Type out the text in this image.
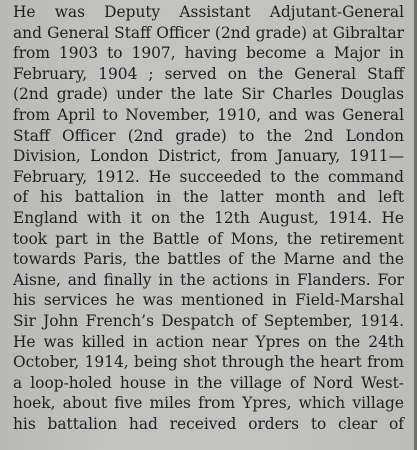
He was Deputy Assistant Adjutant-General
and General Staff Officer (2nd grade) at Gibraltar
from 1903 to 1907, having become a Major in
February, 1904 ; served on the General Staff
(2nd grade) under the late Sir Charles Douglas
from April to November, 1910, and was General
Staff Officer (2nd grade) to the 2nd London
Division, London District, from January, 1911—
February, 1912. He succeeded to the command
of his battalion in the latter month and left
England with it on the 12th August, 1914. He
took part in the Battle of Mons, the retirement
towards Paris, the battles of the Marne and the
Aisne, and finally in the actions in Flanders. For
his services he was mentioned in Field-Marshal
Sir John French’s Despatch of September, 1914.
He was killed in action near Ypres on the 24th
October, 1914, being shot through the heart from
a loop-holed house in the village of Nord West-
hoek, about five miles from Ypres, which village
his battalion had received orders to clear of
